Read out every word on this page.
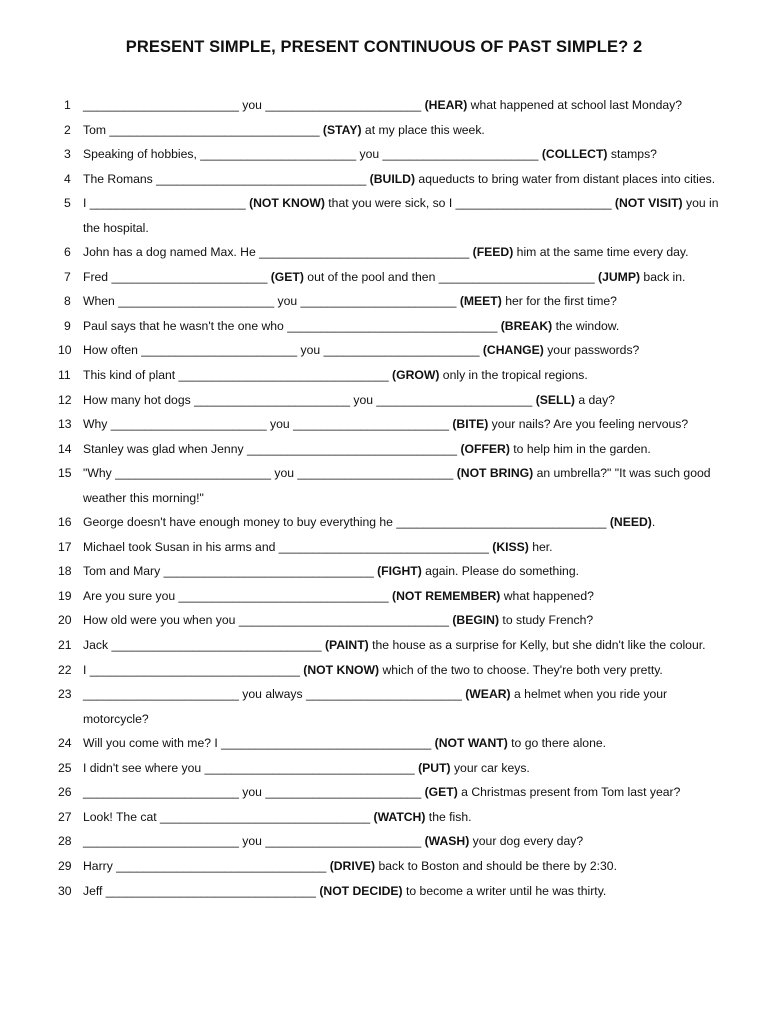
PRESENT SIMPLE, PRESENT CONTINUOUS OF PAST SIMPLE? 2
1 _______________________ you _______________________ (HEAR) what happened at school last Monday?
2 Tom _______________________________ (STAY) at my place this week.
3 Speaking of hobbies, _______________________ you _______________________ (COLLECT) stamps?
4 The Romans _______________________________ (BUILD) aqueducts to bring water from distant places into cities.
5 I _______________________ (NOT KNOW) that you were sick, so I _______________________ (NOT VISIT) you in the hospital.
6 John has a dog named Max. He _______________________________ (FEED) him at the same time every day.
7 Fred _______________________ (GET) out of the pool and then _______________________ (JUMP) back in.
8 When _______________________ you _______________________ (MEET) her for the first time?
9 Paul says that he wasn't the one who _______________________________ (BREAK) the window.
10 How often _______________________ you _______________________ (CHANGE) your passwords?
11 This kind of plant _______________________________ (GROW) only in the tropical regions.
12 How many hot dogs _______________________ you _______________________ (SELL) a day?
13 Why _______________________ you _______________________ (BITE) your nails? Are you feeling nervous?
14 Stanley was glad when Jenny _______________________________ (OFFER) to help him in the garden.
15 "Why _______________________ you _______________________ (NOT BRING) an umbrella?" "It was such good weather this morning!"
16 George doesn't have enough money to buy everything he _______________________________ (NEED).
17 Michael took Susan in his arms and _______________________________ (KISS) her.
18 Tom and Mary _______________________________ (FIGHT) again. Please do something.
19 Are you sure you _______________________________ (NOT REMEMBER) what happened?
20 How old were you when you _______________________________ (BEGIN) to study French?
21 Jack _______________________________ (PAINT) the house as a surprise for Kelly, but she didn't like the colour.
22 I _______________________________ (NOT KNOW) which of the two to choose. They're both very pretty.
23 _______________________ you always _______________________ (WEAR) a helmet when you ride your motorcycle?
24 Will you come with me? I _______________________________ (NOT WANT) to go there alone.
25 I didn't see where you _______________________________ (PUT) your car keys.
26 _______________________ you _______________________ (GET) a Christmas present from Tom last year?
27 Look! The cat _______________________________ (WATCH) the fish.
28 _______________________ you _______________________ (WASH) your dog every day?
29 Harry _______________________________ (DRIVE) back to Boston and should be there by 2:30.
30 Jeff _______________________________ (NOT DECIDE) to become a writer until he was thirty.
